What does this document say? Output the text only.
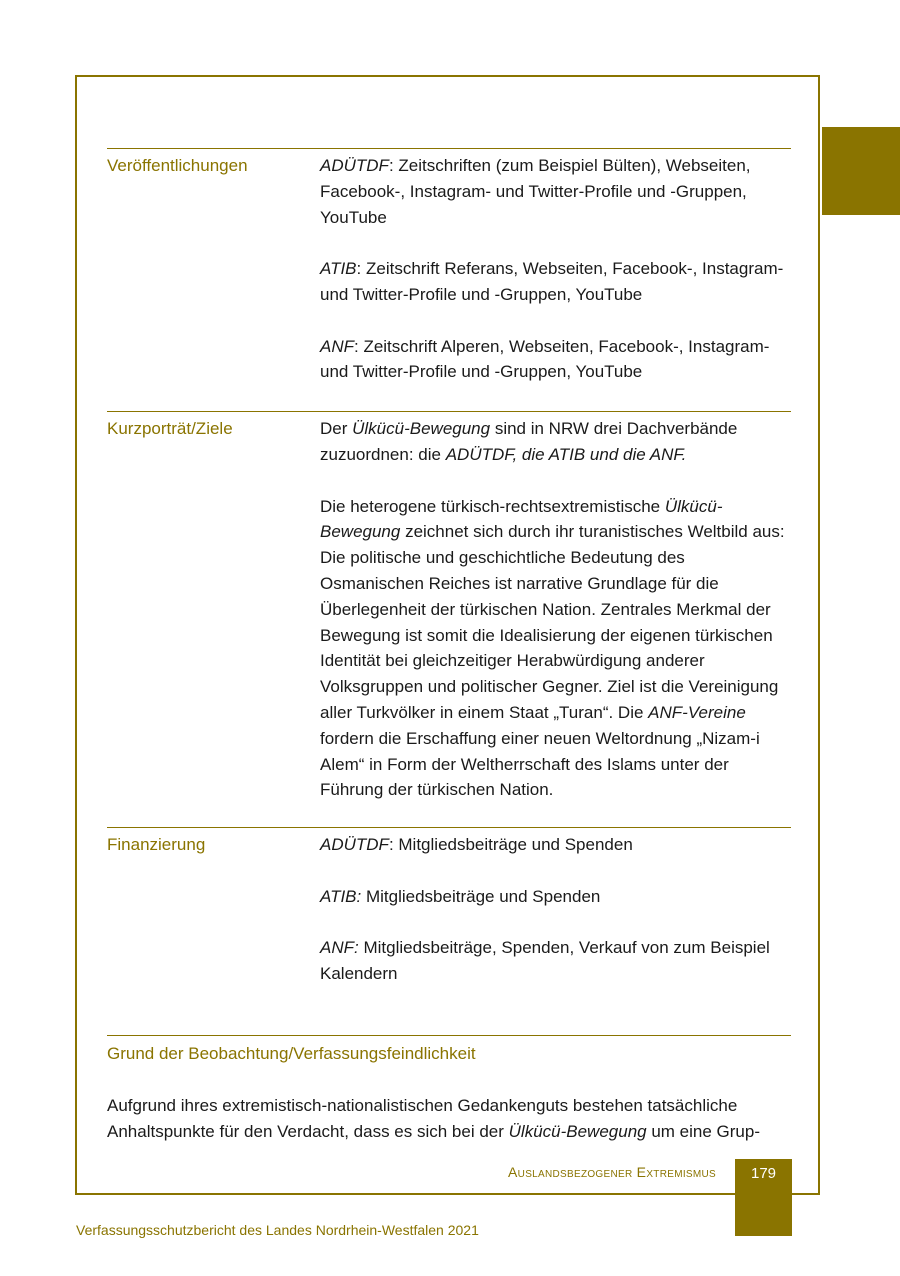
Veröffentlichungen	ADÜTDF: Zeitschriften (zum Beispiel Bülten), Webseiten, Facebook-, Instagram- und Twitter-Profile und -Gruppen, YouTube

ATIB: Zeitschrift Referans, Webseiten, Facebook-, Instagram- und Twitter-Profile und -Gruppen, YouTube

ANF: Zeitschrift Alperen, Webseiten, Facebook-, Instagram- und Twitter-Profile und -Gruppen, YouTube

Kurzporträt/Ziele	Der Ülkücü-Bewegung sind in NRW drei Dachverbände zuzuordnen: die ADÜTDF, die ATIB und die ANF.

Die heterogene türkisch-rechtsextremistische Ülkücü-Bewegung zeichnet sich durch ihr turanistisches Weltbild aus: Die politische und geschichtliche Bedeutung des Osmanischen Reiches ist narrative Grundlage für die Überlegenheit der türkischen Nation. Zentrales Merkmal der Bewegung ist somit die Idealisierung der eigenen türkischen Identität bei gleichzeitiger Herabwürdigung anderer Volksgruppen und politischer Gegner. Ziel ist die Vereinigung aller Turkvölker in einem Staat „Turan“. Die ANF-Vereine fordern die Erschaffung einer neuen Weltordnung „Nizam-i Alem“ in Form der Weltherrschaft des Islams unter der Führung der türkischen Nation.

Finanzierung	ADÜTDF: Mitgliedsbeiträge und Spenden

ATIB: Mitgliedsbeiträge und Spenden

ANF: Mitgliedsbeiträge, Spenden, Verkauf von zum Beispiel Kalendern

Grund der Beobachtung/Verfassungsfeindlichkeit
Aufgrund ihres extremistisch-nationalistischen Gedankenguts bestehen tatsächliche Anhaltspunkte für den Verdacht, dass es sich bei der Ülkücü-Bewegung um eine Grup-
Auslandsbezogener Extremismus	179
Verfassungsschutzbericht des Landes Nordrhein-Westfalen 2021
